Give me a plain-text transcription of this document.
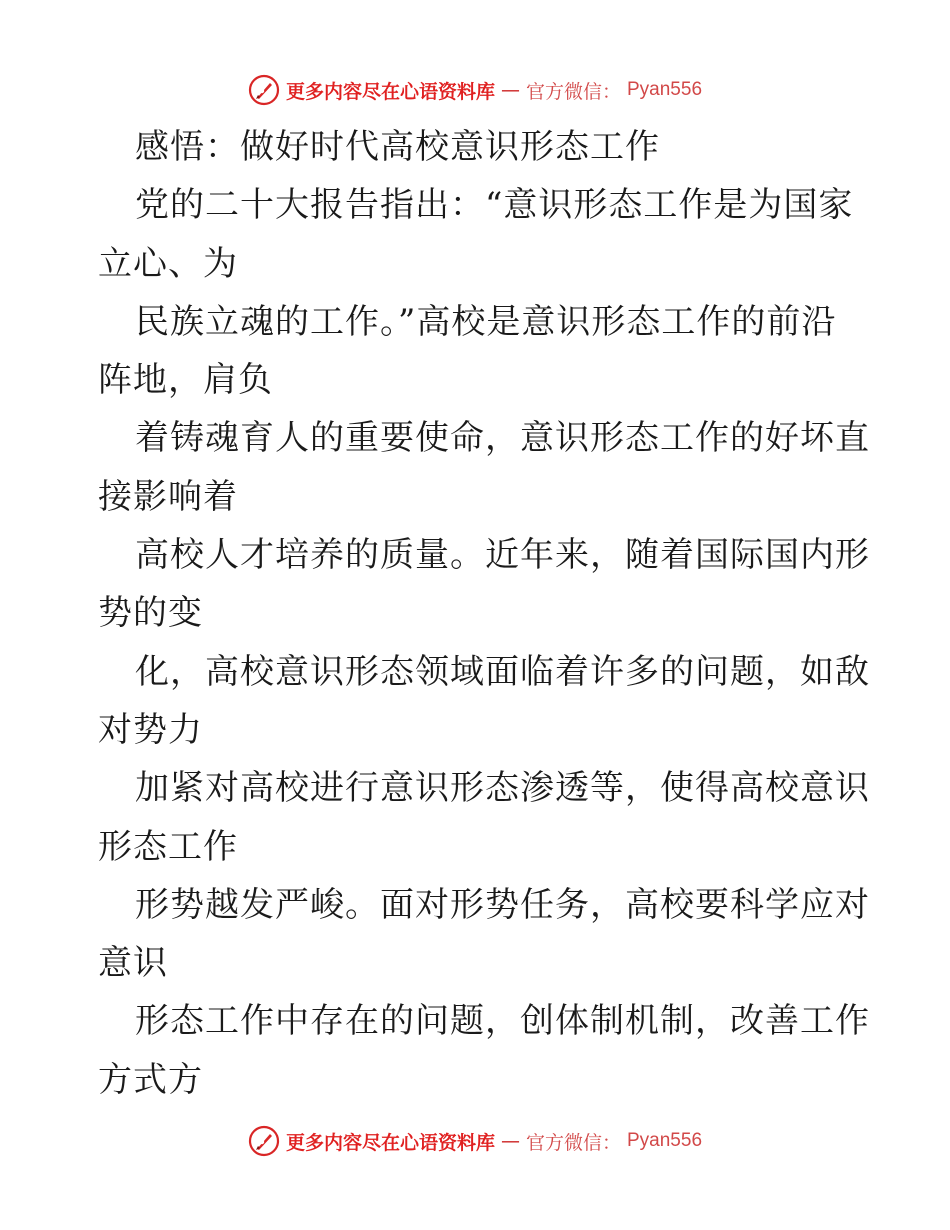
更多内容尽在心语资料库 — 官方微信： Pyan556
感悟：做好时代高校意识形态工作
党的二十大报告指出：“意识形态工作是为国家
立心、为
民族立魂的工作。”高校是意识形态工作的前沿
阵地，肩负
着铸魂育人的重要使命，意识形态工作的好坏直
接影响着
高校人才培养的质量。近年来，随着国际国内形
势的变
化，高校意识形态领域面临着许多的问题，如敌
对势力
加紧对高校进行意识形态渗透等，使得高校意识
形态工作
形势越发严峻。面对形势任务，高校要科学应对
意识
形态工作中存在的问题，创体制机制，改善工作
方式方
更多内容尽在心语资料库 — 官方微信： Pyan556
